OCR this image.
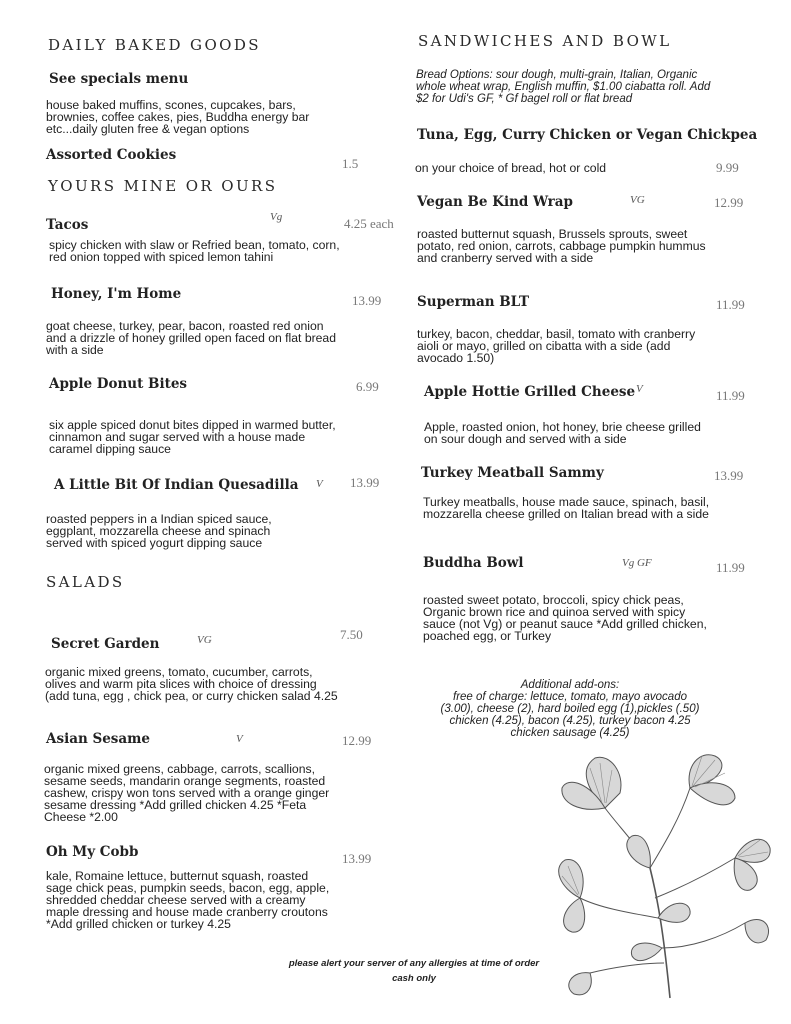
DAILY BAKED GOODS
See specials menu
house baked muffins, scones, cupcakes, bars, brownies, coffee cakes, pies, Buddha energy bar etc...daily gluten free & vegan options
Assorted Cookies
1.5
YOURS MINE OR OURS
Tacos	Vg	4.25 each
spicy chicken with slaw or Refried bean, tomato, corn, red onion topped with spiced lemon tahini
Honey, I'm Home	13.99
goat cheese, turkey, pear, bacon, roasted red onion and a drizzle of honey grilled open faced on flat bread with a side
Apple Donut Bites	6.99
six apple spiced donut bites dipped in warmed butter, cinnamon and sugar served with a house made caramel dipping sauce
A Little Bit Of Indian Quesadilla V 13.99
roasted peppers in a Indian spiced sauce, eggplant, mozzarella cheese and spinach served with spiced yogurt dipping sauce
SALADS
Secret Garden	VG	7.50
organic mixed greens, tomato, cucumber, carrots, olives and warm pita slices with choice of dressing (add tuna, egg , chick pea, or curry chicken salad 4.25
Asian Sesame	V	12.99
organic mixed greens, cabbage, carrots, scallions, sesame seeds, mandarin orange segments, roasted cashew, crispy won tons served with a orange ginger sesame dressing *Add grilled chicken 4.25 *Feta Cheese *2.00
Oh My Cobb	13.99
kale, Romaine lettuce, butternut squash, roasted sage chick peas, pumpkin seeds, bacon, egg, apple, shredded cheddar cheese served with a creamy maple dressing and house made cranberry croutons *Add grilled chicken or turkey 4.25
SANDWICHES AND BOWL
Bread Options: sour dough, multi-grain, Italian, Organic whole wheat wrap, English muffin, $1.00 ciabatta roll. Add $2 for Udi's GF, * Gf bagel roll or flat bread
Tuna, Egg, Curry Chicken or Vegan Chickpea
on your choice of bread, hot or cold	9.99
Vegan Be Kind Wrap	VG	12.99
roasted butternut squash, Brussels sprouts, sweet potato, red onion, carrots, cabbage pumpkin hummus and cranberry served with a side
Superman BLT	11.99
turkey, bacon, cheddar, basil, tomato with cranberry aioli or mayo, grilled on cibatta with a side (add avocado 1.50)
Apple Hottie Grilled Cheese V	11.99
Apple, roasted onion, hot honey, brie cheese grilled on sour dough and served with a side
Turkey Meatball Sammy	13.99
Turkey meatballs, house made sauce, spinach, basil, mozzarella cheese grilled on Italian bread with a side
Buddha Bowl	Vg GF	11.99
roasted sweet potato, broccoli, spicy chick peas, Organic brown rice and quinoa served with spicy sauce (not Vg) or peanut sauce *Add grilled chicken, poached egg, or Turkey
Additional add-ons:
free of charge: lettuce, tomato, mayo avocado (3.00), cheese (2), hard boiled egg (1),pickles (.50) chicken (4.25), bacon (4.25), turkey bacon 4.25 chicken sausage (4.25)
please alert your server of any allergies at time of order
cash only
